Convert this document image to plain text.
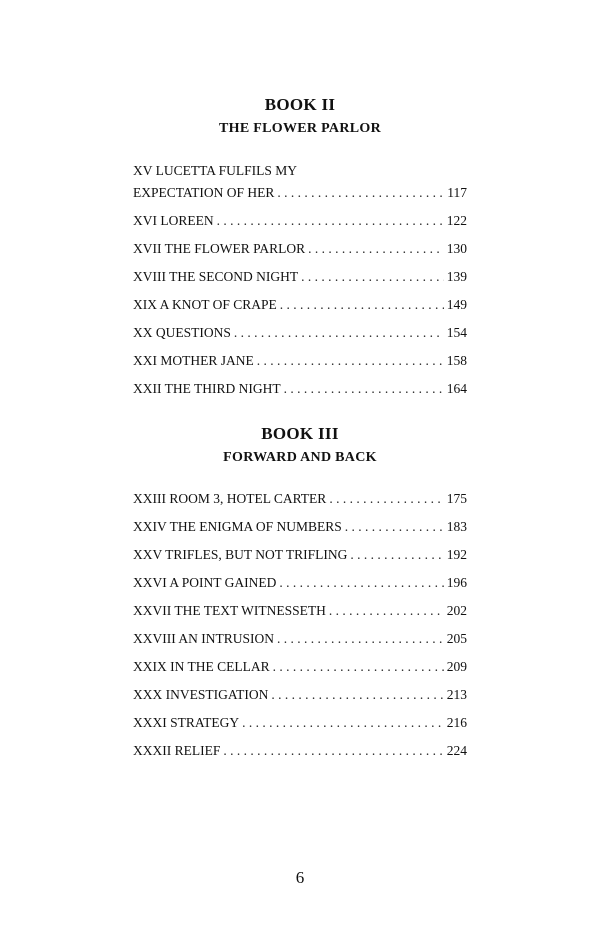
BOOK II
THE FLOWER PARLOR
XV LUCETTA FULFILS MY
EXPECTATION OF HER . . .	117
XVI LOREEN . . .	122
XVII THE FLOWER PARLOR . . .	130
XVIII THE SECOND NIGHT . . .	139
XIX A KNOT OF CRAPE . . .	149
XX QUESTIONS . . .	154
XXI MOTHER JANE . . .	158
XXII THE THIRD NIGHT . . .	164
BOOK III
FORWARD AND BACK
XXIII ROOM 3, HOTEL CARTER . . .	175
XXIV THE ENIGMA OF NUMBERS . . .	183
XXV TRIFLES, BUT NOT TRIFLING . . .	192
XXVI A POINT GAINED . . .	196
XXVII THE TEXT WITNESSETH . . .	202
XXVIII AN INTRUSION . . .	205
XXIX IN THE CELLAR . . .	209
XXX INVESTIGATION . . .	213
XXXI STRATEGY . . .	216
XXXII RELIEF . . .	224
6
